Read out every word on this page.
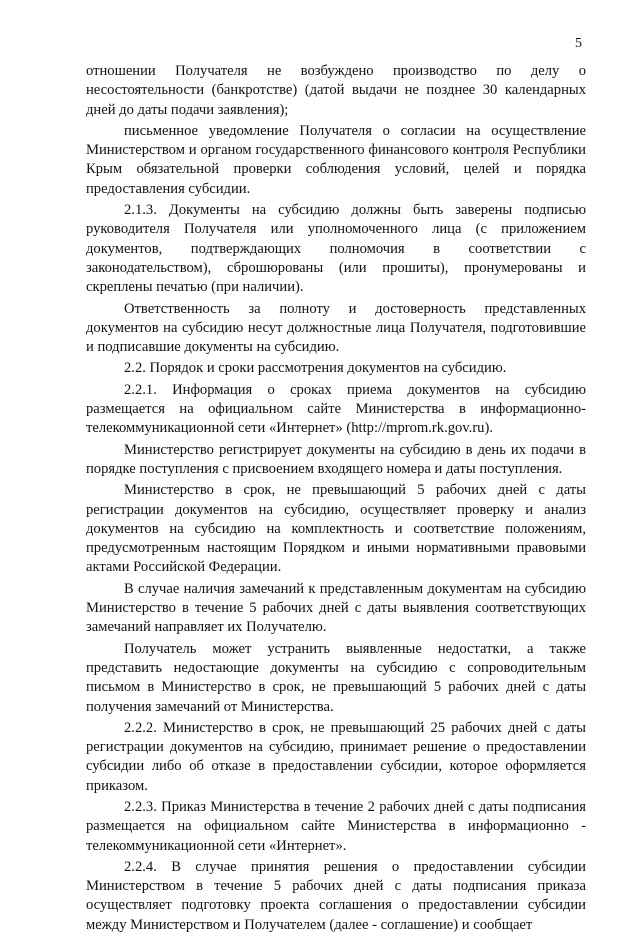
5

отношении Получателя не возбуждено производство по делу о несостоятельности (банкротстве) (датой выдачи не позднее 30 календарных дней до даты подачи заявления);

письменное уведомление Получателя о согласии на осуществление Министерством и органом государственного финансового контроля Республики Крым обязательной проверки соблюдения условий, целей и порядка предоставления субсидии.

2.1.3. Документы на субсидию должны быть заверены подписью руководителя Получателя или уполномоченного лица (с приложением документов, подтверждающих полномочия в соответствии с законодательством), сброшюрованы (или прошиты), пронумерованы и скреплены печатью (при наличии).

Ответственность за полноту и достоверность представленных документов на субсидию несут должностные лица Получателя, подготовившие и подписавшие документы на субсидию.

2.2. Порядок и сроки рассмотрения документов на субсидию.

2.2.1. Информация о сроках приема документов на субсидию размещается на официальном сайте Министерства в информационно-телекоммуникационной сети «Интернет» (http://mprom.rk.gov.ru).

Министерство регистрирует документы на субсидию в день их подачи в порядке поступления с присвоением входящего номера и даты поступления.

Министерство в срок, не превышающий 5 рабочих дней с даты регистрации документов на субсидию, осуществляет проверку и анализ документов на субсидию на комплектность и соответствие положениям, предусмотренным настоящим Порядком и иными нормативными правовыми актами Российской Федерации.

В случае наличия замечаний к представленным документам на субсидию Министерство в течение 5 рабочих дней с даты выявления соответствующих замечаний направляет их Получателю.

Получатель может устранить выявленные недостатки, а также представить недостающие документы на субсидию с сопроводительным письмом в Министерство в срок, не превышающий 5 рабочих дней с даты получения замечаний от Министерства.

2.2.2. Министерство в срок, не превышающий 25 рабочих дней с даты регистрации документов на субсидию, принимает решение о предоставлении субсидии либо об отказе в предоставлении субсидии, которое оформляется приказом.

2.2.3. Приказ Министерства в течение 2 рабочих дней с даты подписания размещается на официальном сайте Министерства в информационно - телекоммуникационной сети «Интернет».

2.2.4. В случае принятия решения о предоставлении субсидии Министерством в течение 5 рабочих дней с даты подписания приказа осуществляет подготовку проекта соглашения о предоставлении субсидии между Министерством и Получателем (далее - соглашение) и сообщает
